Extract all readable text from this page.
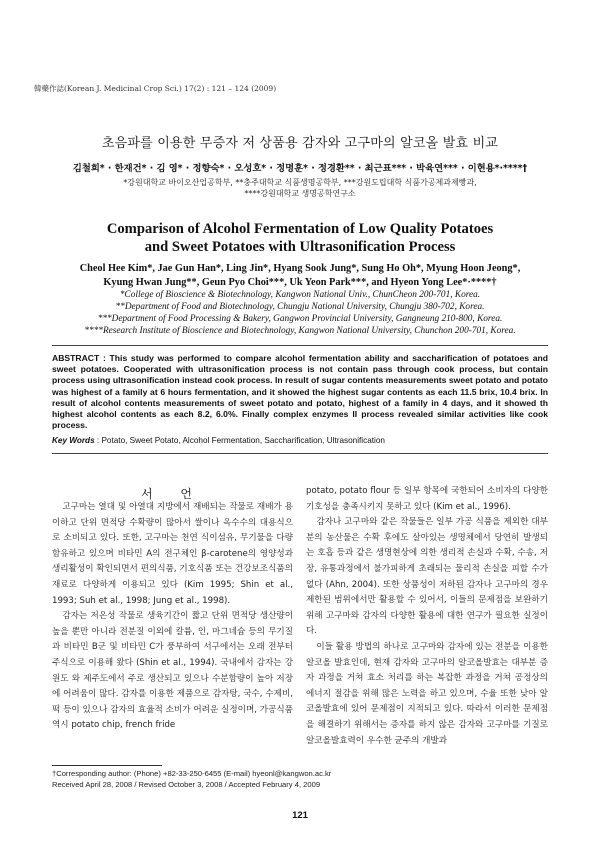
韓藥作誌(Korean J. Medicinal Crop Sci.) 17(2) : 121 – 124 (2009)
초음파를 이용한 무증자 저 상품용 감자와 고구마의 알코올 발효 비교
김철희* · 한재건* · 김 영* · 정향숙* · 오성호* · 정명훈* · 정경환** · 최근표*** · 박육연*** · 이현용*·****†
*강원대학교 바이오산업공학부, **충주대학교 식품생명공학부, ***강원도립대학 식품가공제과제빵과,
****강원대학교 생명공학연구소
Comparison of Alcohol Fermentation of Low Quality Potatoes
and Sweet Potatoes with Ultrasonification Process
Cheol Hee Kim*, Jae Gun Han*, Ling Jin*, Hyang Sook Jung*, Sung Ho Oh*, Myung Hoon Jeong*,
Kyung Hwan Jung**, Geun Pyo Choi***, Uk Yeon Park***, and Hyeon Yong Lee*·****†
*College of Bioscience & Biotechnology, Kangwon National Univ., ChunCheon 200-701, Korea.
**Department of Food and Biotechnology, Chungju National University, Chungju 380-702, Korea.
***Department of Food Processing & Bakery, Gangwon Provincial University, Gangneung 210-800, Korea.
****Research Institute of Bioscience and Biotechnology, Kangwon National University, Chunchon 200-701, Korea.
ABSTRACT : This study was performed to compare alcohol fermentation ability and saccharification of potatoes and sweet potatoes. Cooperated with ultrasonification process is not contain pass through cook process, but contain process using ultrasonification instead cook process. In result of sugar contents measurements sweet potato and potato was highest of a family at 6 hours fermentation, and it showed the highest sugar contents as each 11.5 brix, 10.4 brix. In result of alcohol contents measurements of sweet potato and potato, highest of a family in 4 days, and it showed th highest alcohol contents as each 8.2, 6.0%. Finally complex enzymes II process revealed similar activities like cook process.
Key Words : Potato, Sweet Potato, Alcohol Fermentation, Saccharification, Ultrasonification
서 언

고구마는 열대 및 아열대 지방에서 재배되는 작물로 재배가 용이하고 단위 면적당 수확량이 많아서 쌀이나 옥수수의 대용식으로 소비되고 있다. 또한, 고구마는 천연 식이섬유, 무기물을 다량 함유하고 있으며 비타민 A의 전구체인 β-carotene의 영양성과 생리활성이 확인되면서 편의식품, 기호식품 또는 건강보조식품의 재료로 다양하게 이용되고 있다 (Kim 1995; Shin et al., 1993; Suh et al., 1998; Jung et al., 1998).

감자는 저온성 작물로 생육기간이 짧고 단위 면적당 생산량이 높을 뿐만 아니라 전분질 이외에 칼륨, 인, 마그네슘 등의 무기질과 비타민 B군 및 비타민 C가 풍부하여 서구에서는 오래 전부터 주식으로 이용해 왔다 (Shin et al., 1994). 국내에서 감자는 강원도 와 제주도에서 주로 생산되고 있으나 수분함량이 높아 저장에 어려움이 많다. 감자를 이용한 제품으로 감자탕, 국수, 수제비, 떡 등이 있으나 감자의 효율적 소비가 어려운 실정이며, 가공식품 역시 potato chip, french fride

potato, potato flour 등 일부 항목에 국한되어 소비자의 다양한 기호성을 충족시키지 못하고 있다 (Kim et al., 1996).

감자나 고구마와 같은 작물들은 일부 가공 식품을 제외한 대부분의 농산물은 수확 후에도 살아있는 생명체에서 당연히 발생되는 호흡 등과 같은 생명현상에 의한 생리적 손실과 수확, 수송, 저장, 유통과정에서 불가피하게 초래되는 물리적 손실을 피할 수가 없다 (Ahn, 2004). 또한 상품성이 저하된 감자나 고구마의 경우 제한된 범위에서만 활용할 수 있어서, 이들의 문제점을 보완하기 위해 고구마와 감자의 다양한 활용에 대한 연구가 필요한 실정이다.

이들 활용 방법의 하나로 고구마와 감자에 있는 전분을 이용한 알코올 발효인데, 현재 감자와 고구마의 알코올발효는 대부분 증자 과정을 거쳐 효소 처리를 하는 복잡한 과정을 거쳐 공정상의 에너지 절감을 위해 많은 노력을 하고 있으며, 수율 또한 낮아 알코올발효에 있어 문제점이 지적되고 있다. 따라서 이러한 문제점을 해결하기 위해서는 증자를 하지 않은 감자와 고구마를 기질로 알코올발효력이 우수한 균주의 개발과

†Corresponding author: (Phone) +82-33-250-6455 (E-mail) hyeonl@kangwon.ac.kr
Received April 28, 2008 / Revised October 3, 2008 / Accepted February 4, 2009
121
